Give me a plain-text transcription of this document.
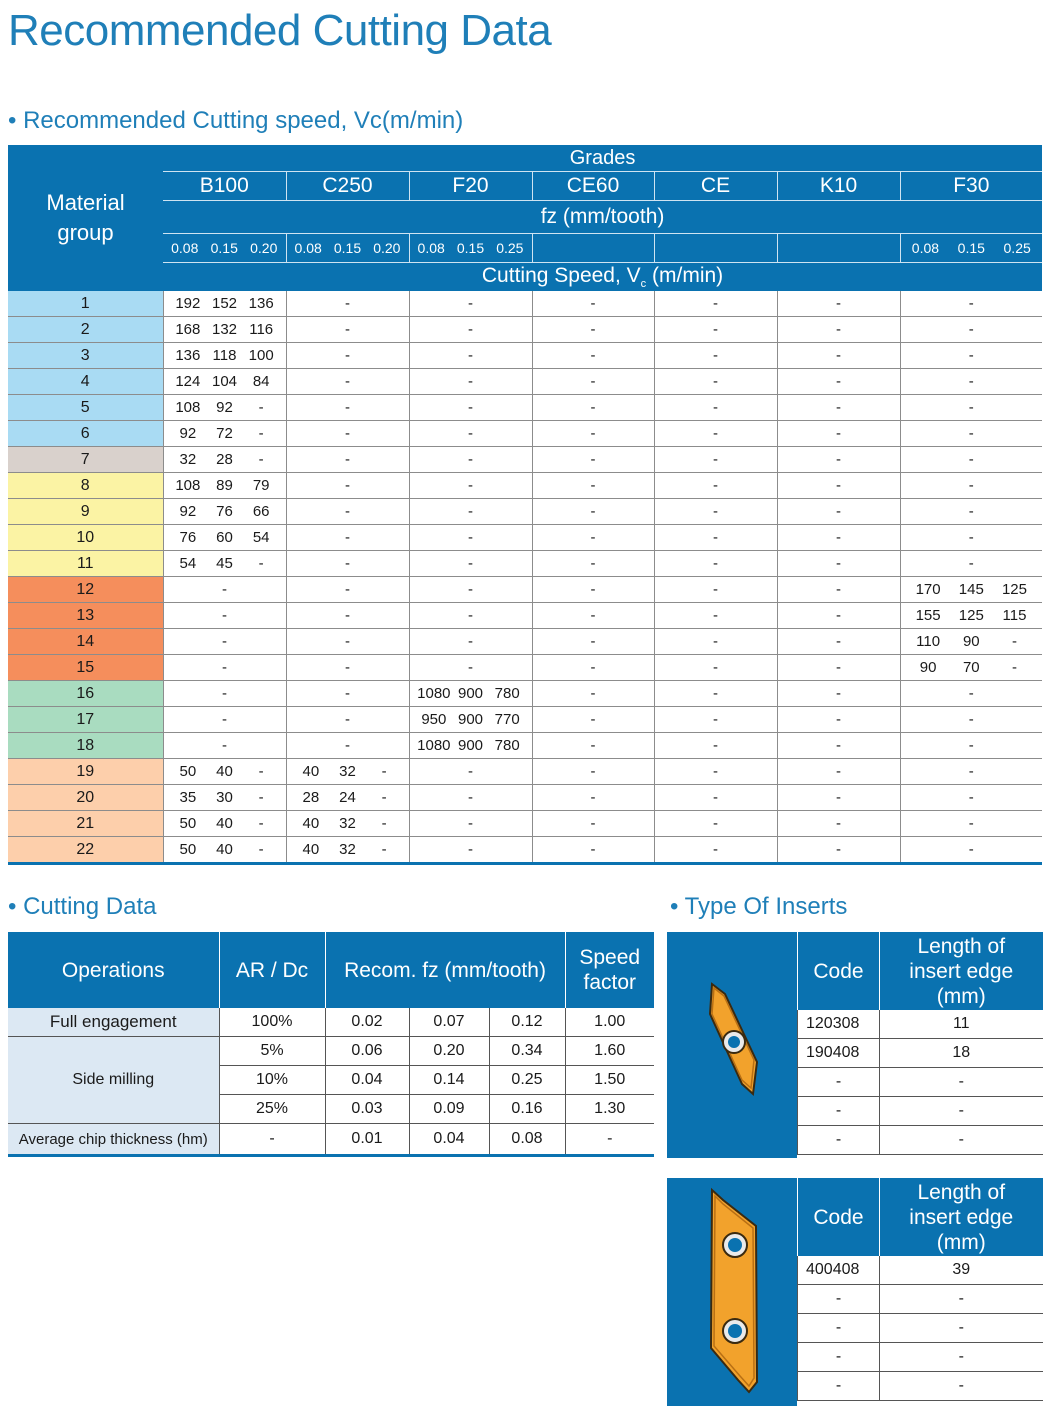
Recommended Cutting Data
• Recommended Cutting speed, Vc(m/min)
Material
group	Grades						
	B100	C250	F20	CE60	CE	K10	F30
	fz (mm/tooth)						

	0.08 0.15 0.20	0.08 0.15 0.20	0.08 0.15 0.25				0.08 0.15 0.25

	Cutting Speed, $V_c$ (m/min)						
1	192 152 136	-	-	-	-	-	-
2	168 132 116	-	-	-	-	-	-
3	136 118 100	-	-	-	-	-	-
4	124 104 84	-	-	-	-	-	-
5	108 92 -	-	-	-	-	-	-
6	92 72 -	-	-	-	-	-	-
7	32 28 -	-	-	-	-	-	-
8	108 89 79	-	-	-	-	-	-
9	92 76 66	-	-	-	-	-	-
10	76 60 54	-	-	-	-	-	-
11	54 45 -	-	-	-	-	-	-
12	-	-	-	-	-	-	170 145 125

13	-	-	-	-	-	-	155 125 115

14	-	-	-	-	-	-	110 90 -

15	-	-	-	-	-	-	90 70 -

16	-	-	1080 900 780	-	-	-	-
17	-	-	950 900 770	-	-	-	-
18	-	-	1080 900 780	-	-	-	-
19	50 40 -	40 32 -	-	-	-	-	-
20	35 30 -	28 24 -	-	-	-	-	-
21	50 40 -	40 32 -	-	-	-	-	-
22	50 40 -	40 32 -	-	-	-	-	-
• Cutting Data	• Type Of Inserts
Operations	AR / Dc	Recom. fz (mm/tooth)			Speed
factor

Full engagement	100%	0.02	0.07	0.12	1.00
Side milling	5%	0.06	0.20	0.34	1.60
	10%	0.04	0.14	0.25	1.50
	25%	0.03	0.09	0.16	1.30
Average chip thickness (hm)	-	0.01	0.04	0.08	-
Code	Length of
insert edge
(mm)

120308	11
190408	18
-	-
-	-
-	-
Code	Length of
insert edge
(mm)

400408	39
-	-
-	-
-	-
-	-
